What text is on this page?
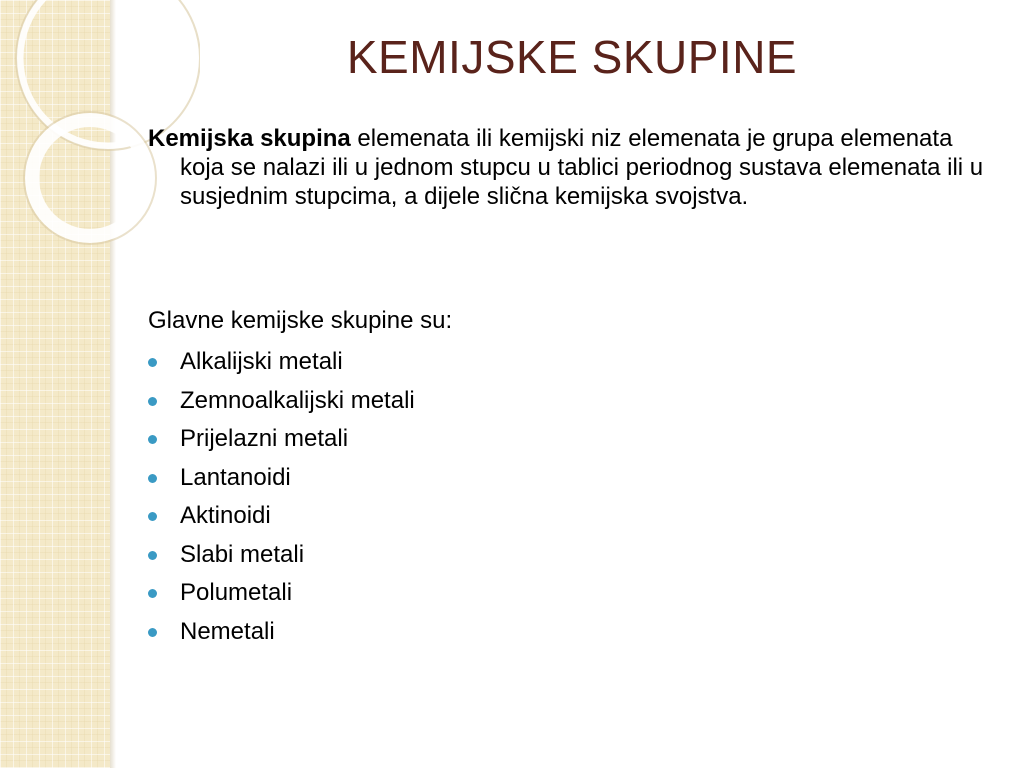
KEMIJSKE SKUPINE

Kemijska skupina elemenata ili kemijski niz elemenata je grupa elemenata koja se nalazi ili u jednom stupcu u tablici periodnog sustava elemenata ili u susjednim stupcima, a dijele slična kemijska svojstva.

Glavne kemijske skupine su:

Alkalijski metali
Zemnoalkalijski metali
Prijelazni metali
Lantanoidi
Aktinoidi
Slabi metali
Polumetali
Nemetali
